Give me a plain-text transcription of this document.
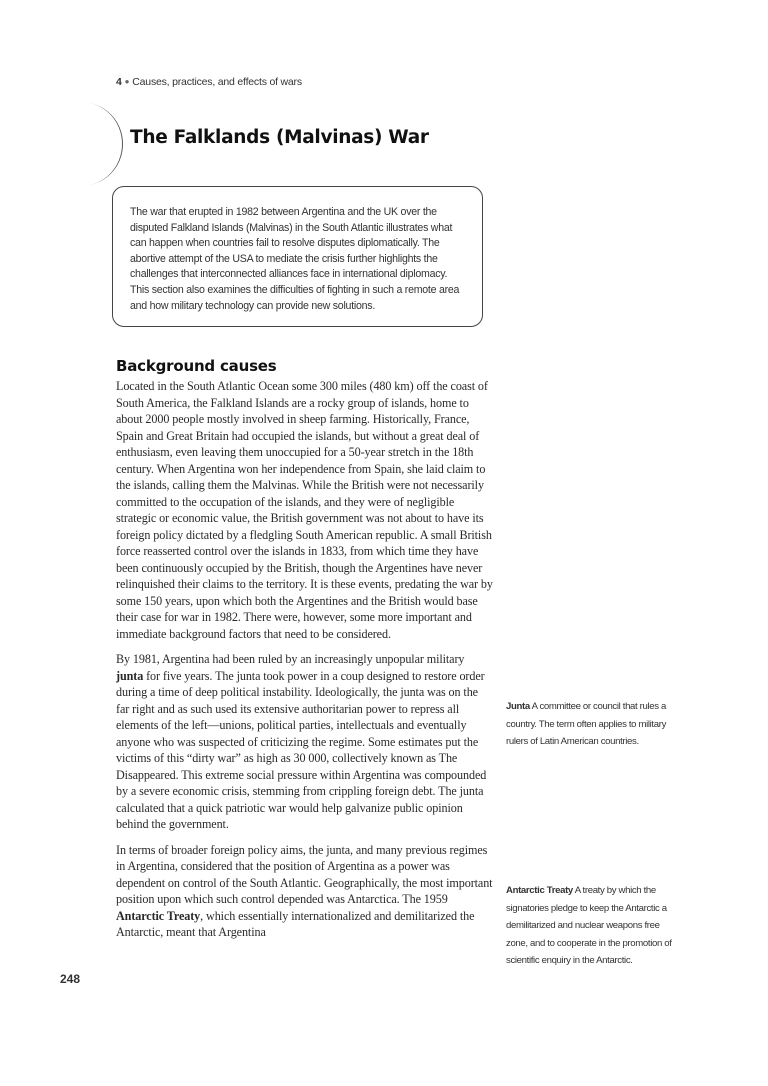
4 ● Causes, practices, and effects of wars
The Falklands (Malvinas) War

The war that erupted in 1982 between Argentina and the UK over the disputed Falkland Islands (Malvinas) in the South Atlantic illustrates what can happen when countries fail to resolve disputes diplomatically. The abortive attempt of the USA to mediate the crisis further highlights the challenges that interconnected alliances face in international diplomacy. This section also examines the difficulties of fighting in such a remote area and how military technology can provide new solutions.

Background causes

Located in the South Atlantic Ocean some 300 miles (480 km) off the coast of South America, the Falkland Islands are a rocky group of islands, home to about 2000 people mostly involved in sheep farming. Historically, France, Spain and Great Britain had occupied the islands, but without a great deal of enthusiasm, even leaving them unoccupied for a 50-year stretch in the 18th century. When Argentina won her independence from Spain, she laid claim to the islands, calling them the Malvinas. While the British were not necessarily committed to the occupation of the islands, and they were of negligible strategic or economic value, the British government was not about to have its foreign policy dictated by a fledgling South American republic. A small British force reasserted control over the islands in 1833, from which time they have been continuously occupied by the British, though the Argentines have never relinquished their claims to the territory. It is these events, predating the war by some 150 years, upon which both the Argentines and the British would base their case for war in 1982. There were, however, some more important and immediate background factors that need to be considered.

By 1981, Argentina had been ruled by an increasingly unpopular military junta for five years. The junta took power in a coup designed to restore order during a time of deep political instability. Ideologically, the junta was on the far right and as such used its extensive authoritarian power to repress all elements of the left—unions, political parties, intellectuals and eventually anyone who was suspected of criticizing the regime. Some estimates put the victims of this “dirty war” as high as 30 000, collectively known as The Disappeared. This extreme social pressure within Argentina was compounded by a severe economic crisis, stemming from crippling foreign debt. The junta calculated that a quick patriotic war would help galvanize public opinion behind the government.

In terms of broader foreign policy aims, the junta, and many previous regimes in Argentina, considered that the position of Argentina as a power was dependent on control of the South Atlantic. Geographically, the most important position upon which such control depended was Antarctica. The 1959 Antarctic Treaty, which essentially internationalized and demilitarized the Antarctic, meant that Argentina

Junta A committee or council that rules a country. The term often applies to military rulers of Latin American countries.

Antarctic Treaty A treaty by which the signatories pledge to keep the Antarctic a demilitarized and nuclear weapons free zone, and to cooperate in the promotion of scientific enquiry in the Antarctic.

248
